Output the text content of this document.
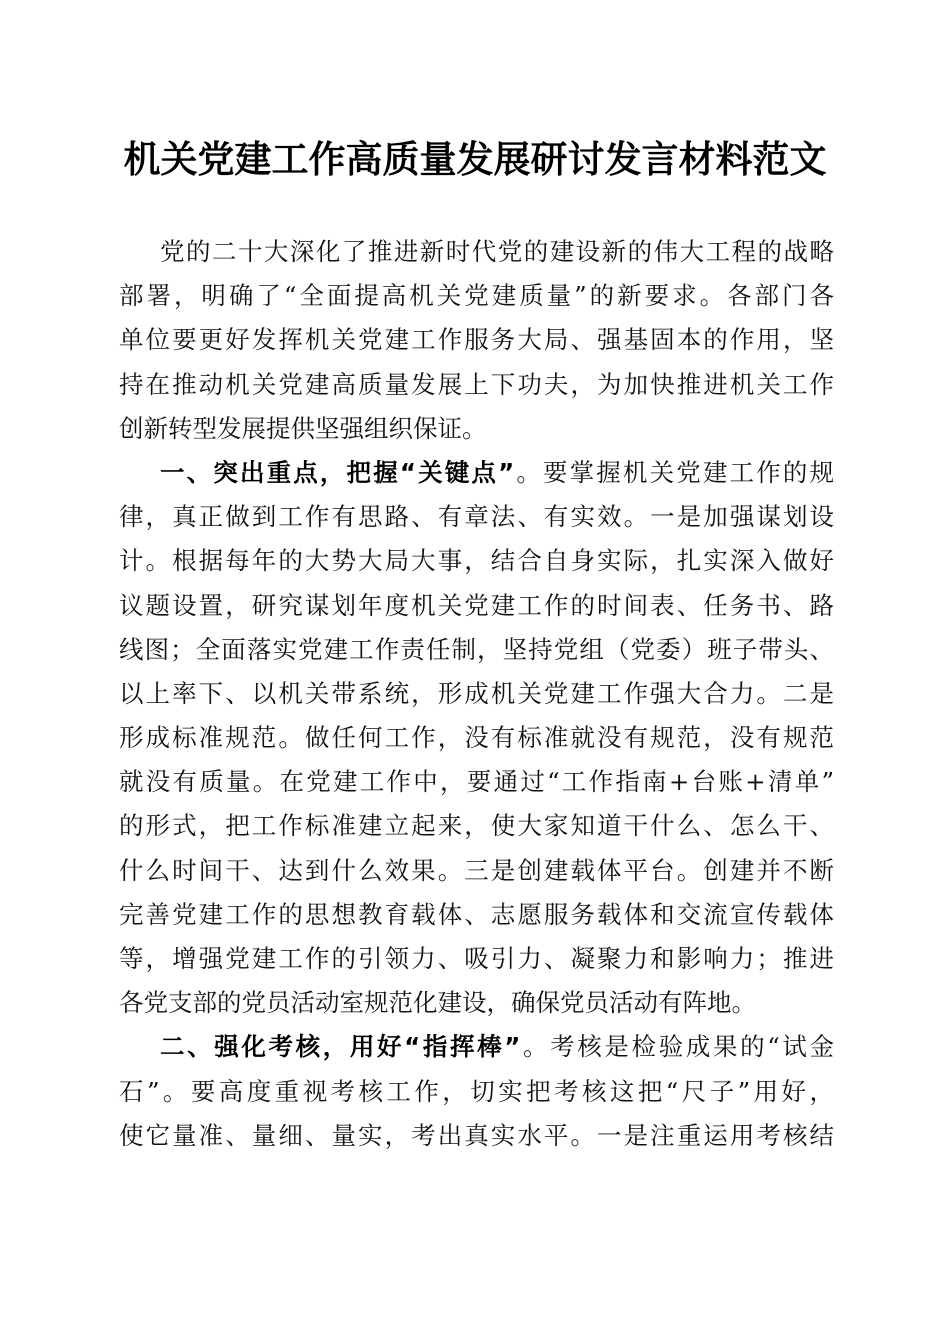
机关党建工作高质量发展研讨发言材料范文
党的二十大深化了推进新时代党的建设新的伟大工程的战略
部署，明确了“全面提高机关党建质量”的新要求。各部门各
单位要更好发挥机关党建工作服务大局、强基固本的作用，坚
持在推动机关党建高质量发展上下功夫，为加快推进机关工作
创新转型发展提供坚强组织保证。
一、突出重点，把握“关键点”。要掌握机关党建工作的规
律，真正做到工作有思路、有章法、有实效。一是加强谋划设
计。根据每年的大势大局大事，结合自身实际，扎实深入做好
议题设置，研究谋划年度机关党建工作的时间表、任务书、路
线图；全面落实党建工作责任制，坚持党组（党委）班子带头、
以上率下、以机关带系统，形成机关党建工作强大合力。二是
形成标准规范。做任何工作，没有标准就没有规范，没有规范
就没有质量。在党建工作中，要通过“工作指南+台账+清单”
的形式，把工作标准建立起来，使大家知道干什么、怎么干、
什么时间干、达到什么效果。三是创建载体平台。创建并不断
完善党建工作的思想教育载体、志愿服务载体和交流宣传载体
等，增强党建工作的引领力、吸引力、凝聚力和影响力；推进
各党支部的党员活动室规范化建设，确保党员活动有阵地。
二、强化考核，用好“指挥棒”。考核是检验成果的“试金
石”。要高度重视考核工作，切实把考核这把“尺子”用好，
使它量准、量细、量实，考出真实水平。一是注重运用考核结
